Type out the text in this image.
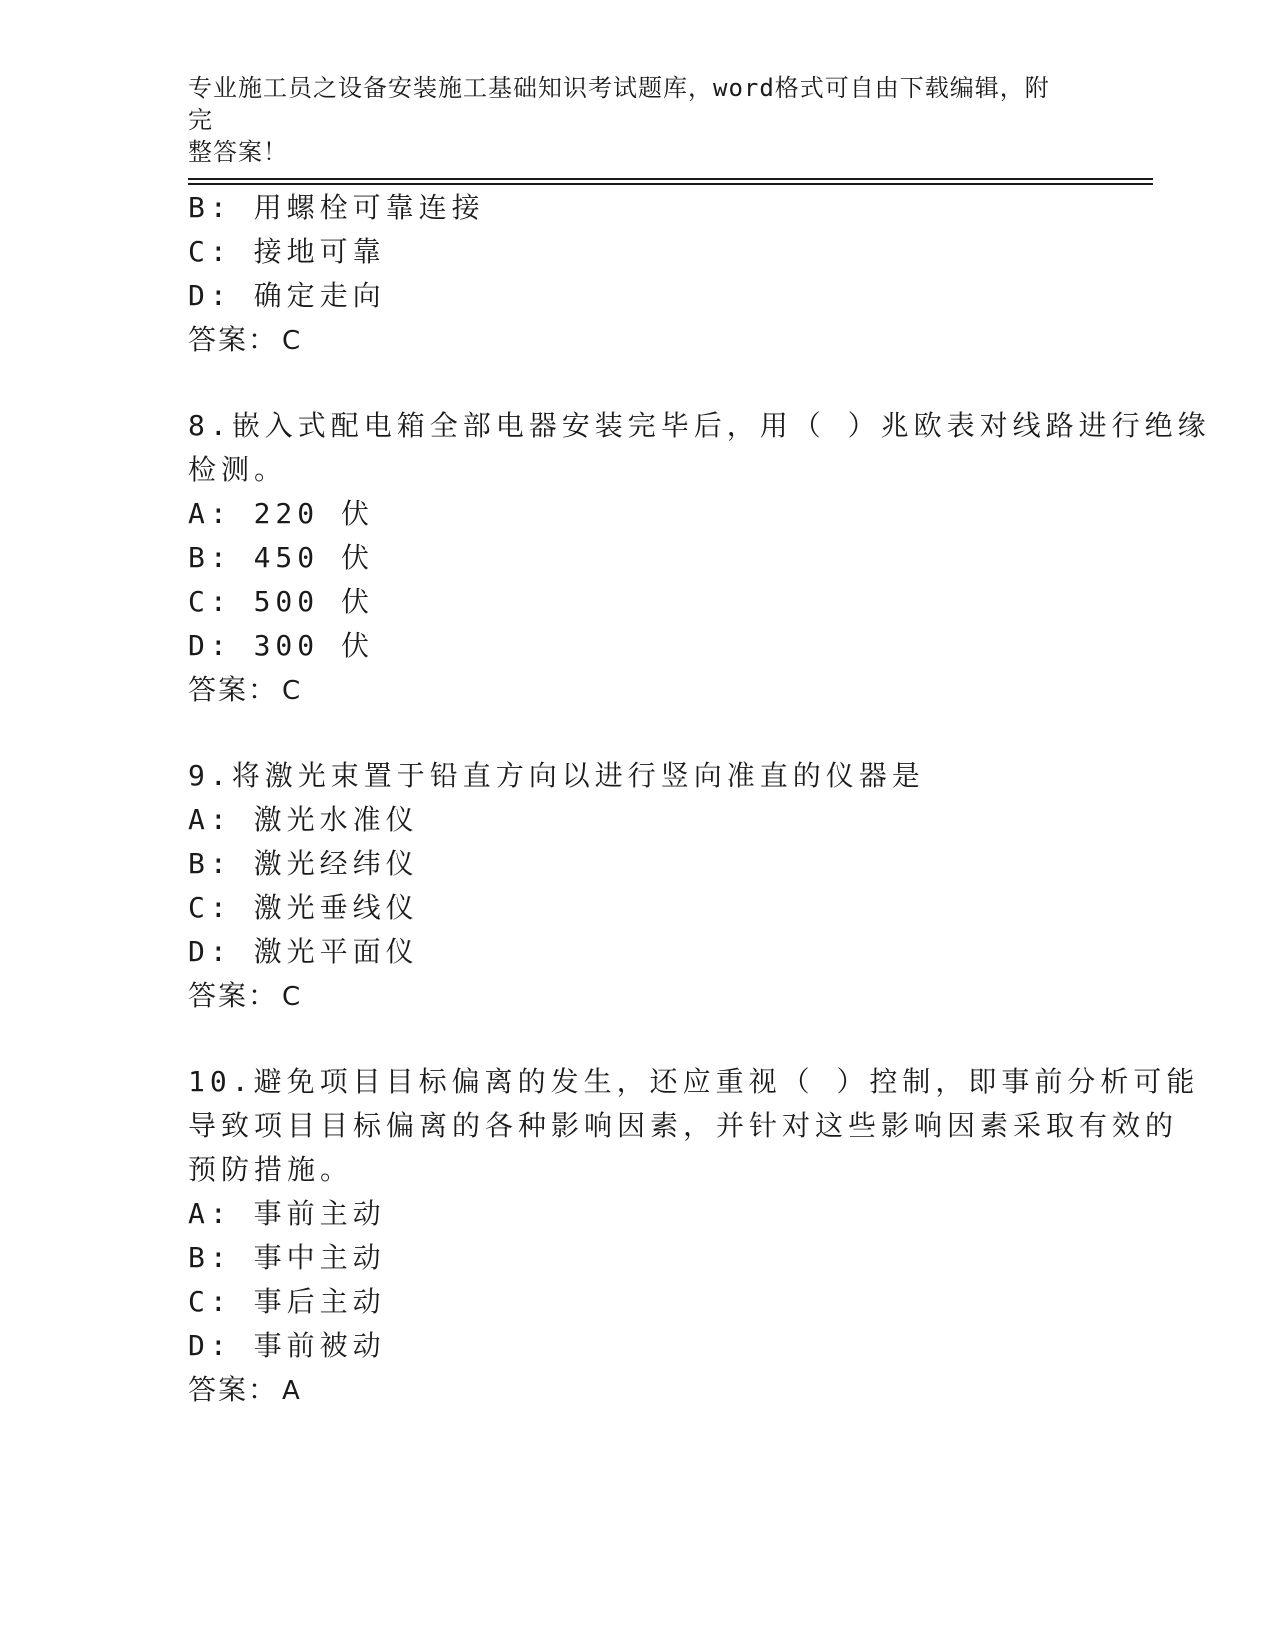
专业施工员之设备安装施工基础知识考试题库，word格式可自由下载编辑，附完
整答案！
B: 用螺栓可靠连接
C: 接地可靠
D: 确定走向
答案： C
8.嵌入式配电箱全部电器安装完毕后，用（ ）兆欧表对线路进行绝缘
检测。
A: 220 伏
B: 450 伏
C: 500 伏
D: 300 伏
答案： C
9.将激光束置于铅直方向以进行竖向准直的仪器是
A: 激光水准仪
B: 激光经纬仪
C: 激光垂线仪
D: 激光平面仪
答案： C
10.避免项目目标偏离的发生，还应重视（ ）控制，即事前分析可能
导致项目目标偏离的各种影响因素，并针对这些影响因素采取有效的
预防措施。
A: 事前主动
B: 事中主动
C: 事后主动
D: 事前被动
答案： A
